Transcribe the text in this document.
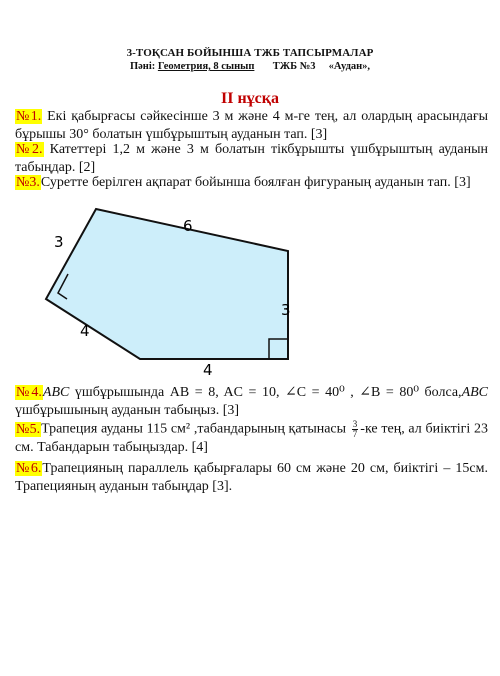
3-ТОҚСАН БОЙЫНША ТЖБ ТАПСЫРМАЛАР
Пәні: Геометрия, 8 сынып ТЖБ №3 «Аудан»,
ІІ нұсқа
№1. Екі қабырғасы сәйкесінше 3 м және 4 м-ге тең, ал олардың арасындағы бұрышы 30° болатын үшбұрыштың ауданын тап. [3]
№2. Катеттері 1,2 м және 3 м болатын тікбұрышты үшбұрыштың ауданын табыңдар. [2]
№3.Суретте берілген ақпарат бойынша боялған фигураның ауданын тап. [3]
6
3
3
4
4
№4.ABC үшбұрышында AB = 8, AC = 10, ∠C = 40⁰ , ∠B = 80⁰ болса,ABC үшбұрышының ауданын табыңыз. [3]
№5.Трапеция ауданы 115 см² ,табандарының қатынасы $\frac{3}{7} -ке$ тең, ал биіктігі 23 см. Табандарын табыңыздар. [4]
№6.Трапецияның параллель қабырғалары 60 см және 20 см, биіктігі – 15см. Трапецияның ауданын табыңдар [3].
